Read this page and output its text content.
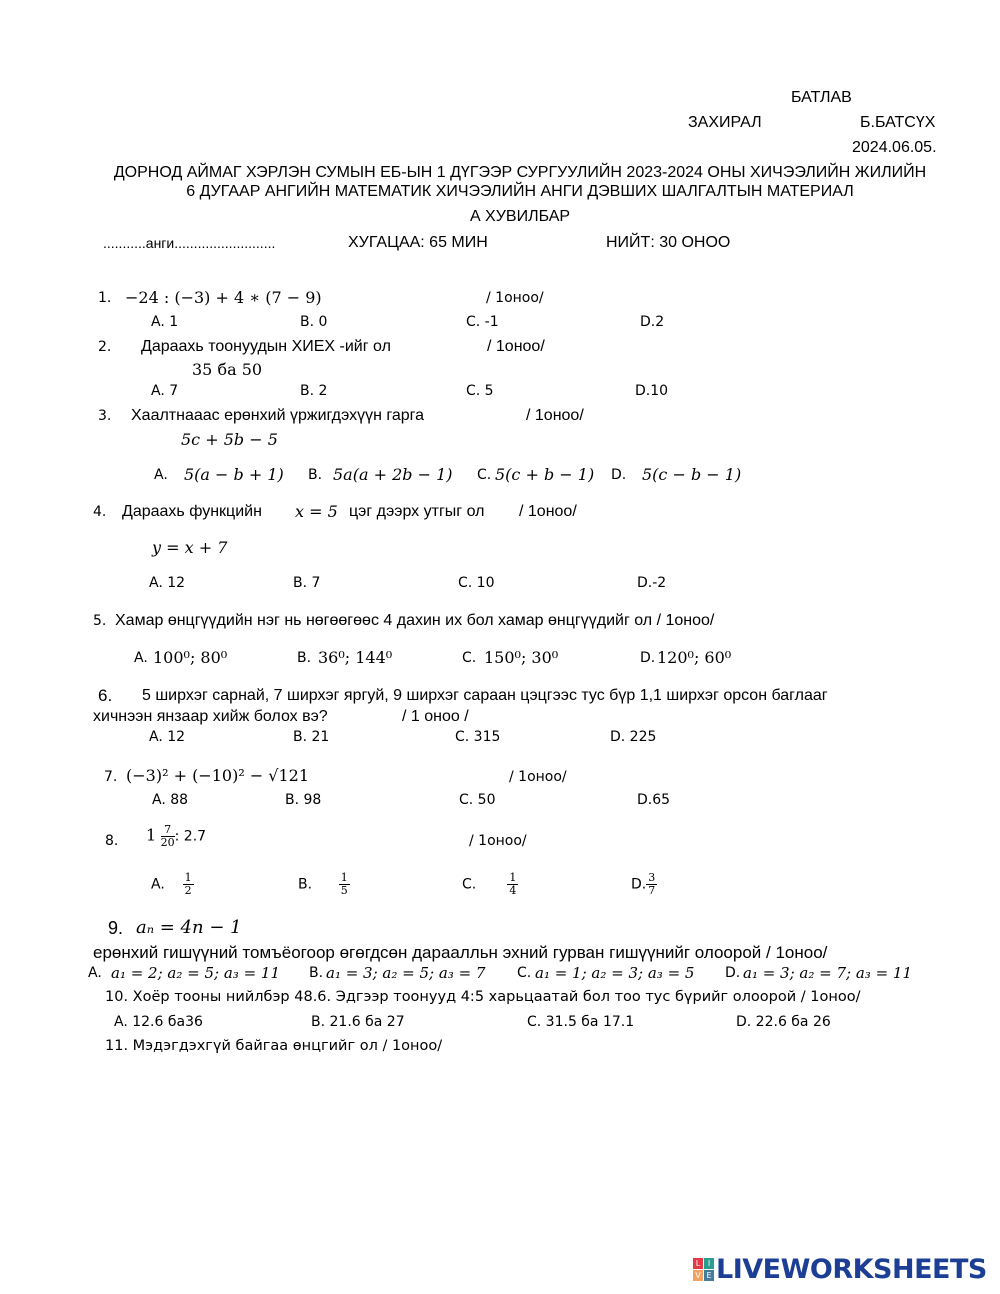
БАТЛАВ
ЗАХИРАЛ	Б.БАТСҮХ
2024.06.05.
ДОРНОД АЙМАГ ХЭРЛЭН СУМЫН ЕБ-ЫН 1 ДҮГЭЭР СУРГУУЛИЙН 2023-2024 ОНЫ ХИЧЭЭЛИЙН ЖИЛИЙН
6 ДУГААР АНГИЙН МАТЕМАТИК ХИЧЭЭЛИЙН АНГИ ДЭВШИХ ШАЛГАЛТЫН МАТЕРИАЛ
А ХУВИЛБАР
...........анги..........................	ХУГАЦАА: 65 МИН	НИЙТ: 30 ОНОО
1. −24 : (−3) + 4 ∗ (7 − 9)	/ 1оноо/
A. 1	B. 0	C. -1	D.2
2. Дараахь тоонуудын ХИЕХ -ийг ол	/ 1оноо/
35 ба 50
A. 7	B. 2	C. 5	D.10
3. Хаалтнааас ерөнхий үржигдэхүүн гарга	/ 1оноо/
5c + 5b − 5
A. 5(a − b + 1) B. 5a(a + 2b − 1) C. 5(c + b − 1) D. 5(c − b − 1)
4. Дараахь функцийн x = 5 цэг дээрх утгыг ол / 1оноо/
y = x + 7
A. 12	B. 7	C. 10	D.-2
5. Хамар өнцгүүдийн нэг нь нөгөөгөөс 4 дахин их бол хамар өнцгүүдийг ол / 1оноо/
A. 100⁰; 80⁰	B. 36⁰; 144⁰	C. 150⁰; 30⁰	D. 120⁰; 60⁰
6. 5 ширхэг сарнай, 7 ширхэг яргуй, 9 ширхэг сараан цэцгээс тус бүр 1,1 ширхэг орсон баглааг
хичнээн янзаар хийж болох вэ?	/ 1 оноо /
A. 12	B. 21	C. 315	D. 225
7. (−3)² + (−10)² − √121	/ 1оноо/
A. 88	B. 98	C. 50	D.65
8. $1 \frac{7}{20}$ : 2.7	/ 1оноо/
A. $\frac{1}{2}$	B. $\frac{1}{5}$	C.	$\frac{1}{4}$	D. $\frac{3}{7}$
9. aₙ = 4n − 1
ерөнхий гишүүний томъёогоор өгөгдсөн дараалльн эхний гурван гишүүнийг олоорой / 1оноо/
A. a₁ = 2; a₂ = 5; a₃ = 11 B. a₁ = 3; a₂ = 5; a₃ = 7 C. a₁ = 1; a₂ = 3; a₃ = 5 D. a₁ = 3; a₂ = 7; a₃ = 11
10. Хоёр тооны нийлбэр 48.6. Эдгээр тоонууд 4:5 харьцаатай бол тоо тус бүрийг олоорой / 1оноо/
A. 12.6 ба36	B. 21.6 ба 27	C. 31.5 ба 17.1	D. 22.6 ба 26
11. Мэдэгдэхгүй байгаа өнцгийг ол / 1оноо/
L I
V E LIVEWORKSHEETS
